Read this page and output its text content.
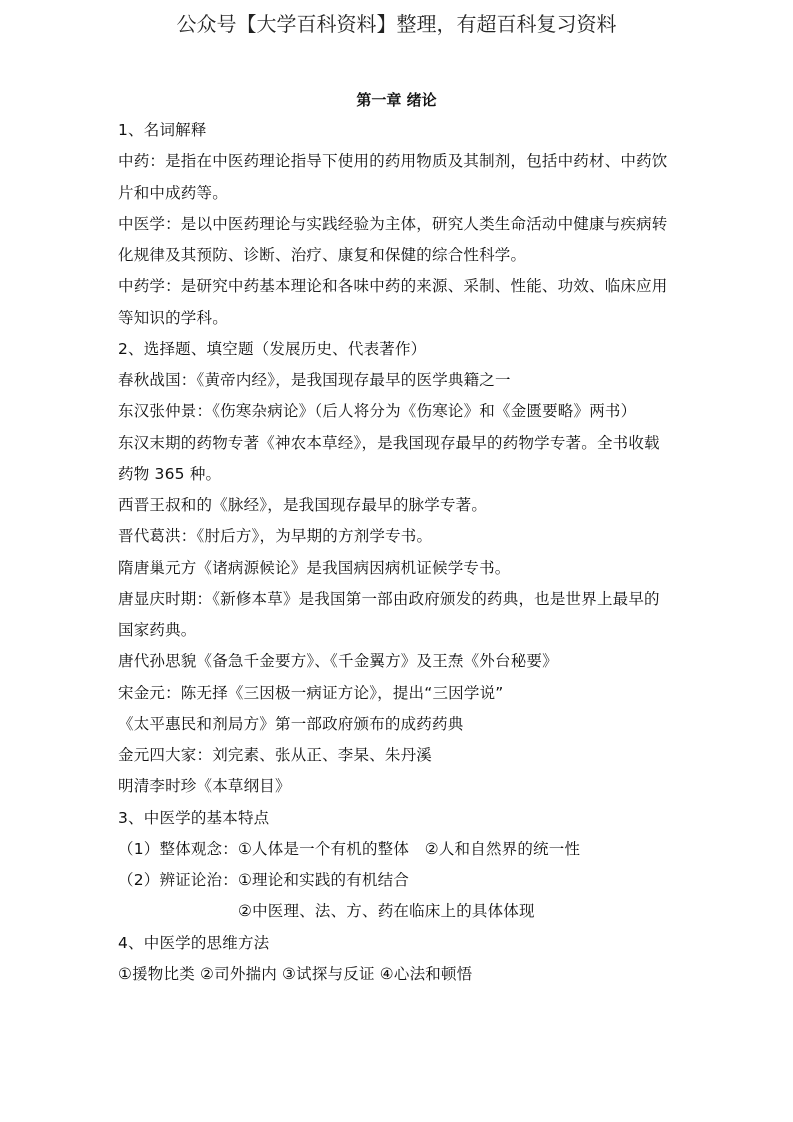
公众号【大学百科资料】整理，有超百科复习资料
第一章 绪论
1、名词解释
中药：是指在中医药理论指导下使用的药用物质及其制剂，包括中药材、中药饮
片和中成药等。
中医学：是以中医药理论与实践经验为主体，研究人类生命活动中健康与疾病转
化规律及其预防、诊断、治疗、康复和保健的综合性科学。
中药学：是研究中药基本理论和各味中药的来源、采制、性能、功效、临床应用
等知识的学科。
2、选择题、填空题（发展历史、代表著作）
春秋战国：《黄帝内经》，是我国现存最早的医学典籍之一
东汉张仲景：《伤寒杂病论》（后人将分为《伤寒论》和《金匮要略》两书）
东汉末期的药物专著《神农本草经》，是我国现存最早的药物学专著。全书收载
药物 365 种。
西晋王叔和的《脉经》，是我国现存最早的脉学专著。
晋代葛洪：《肘后方》，为早期的方剂学专书。
隋唐巢元方《诸病源候论》是我国病因病机证候学专书。
唐显庆时期：《新修本草》是我国第一部由政府颁发的药典，也是世界上最早的
国家药典。
唐代孙思貌《备急千金要方》、《千金翼方》及王焘《外台秘要》
宋金元：陈无择《三因极一病证方论》，提出“三因学说”
《太平惠民和剂局方》第一部政府颁布的成药药典
金元四大家：刘完素、张从正、李杲、朱丹溪
明清李时珍《本草纲目》
3、中医学的基本特点
（1）整体观念：①人体是一个有机的整体　②人和自然界的统一性
（2）辨证论治：①理论和实践的有机结合
②中医理、法、方、药在临床上的具体体现
4、中医学的思维方法
①援物比类 ②司外揣内 ③试探与反证 ④心法和顿悟
